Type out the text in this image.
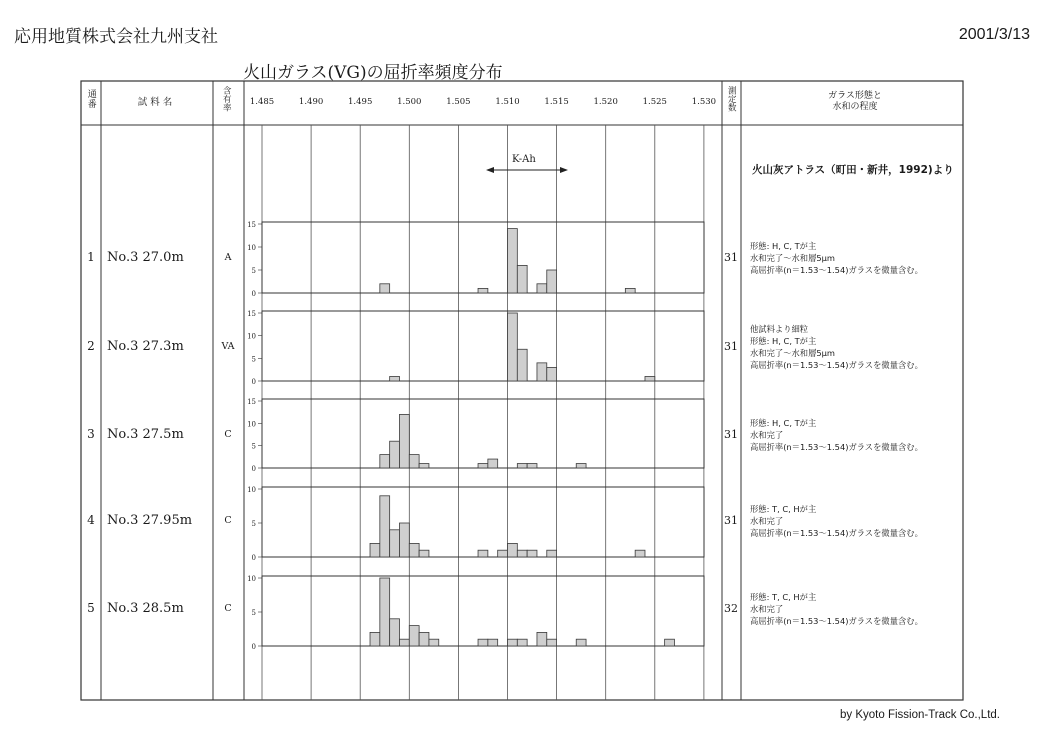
応用地質株式会社九州支社	2001/3/13
火山ガラス(VG)の屈折率頻度分布
0
5
10
15
0
5
10
15
0
5
10
15
0
5
10
0
5
10
通番	試 料 名	含有率	測定数	ガラス形態と
水和の程度
1.485	1.490	1.495	1.500	1.505	1.510	1.515	1.520	1.525	1.530
火山灰アトラス（町田・新井，1992)より
K-Ah
1 No.3 27.0m	A	31
形態: H, C, Tが主
水和完了～水和層5μm
高屈折率(n＝1.53～1.54)ガラスを微量含む。
2 No.3 27.3m	VA	31
他試料より細粒
形態: H, C, Tが主
水和完了～水和層5μm
高屈折率(n＝1.53～1.54)ガラスを微量含む。
3 No.3 27.5m	C	31
形態: H, C, Tが主
水和完了
高屈折率(n＝1.53～1.54)ガラスを微量含む。
4 No.3 27.95m	C	31
形態: T, C, Hが主
水和完了
高屈折率(n＝1.53～1.54)ガラスを微量含む。
5 No.3 28.5m	C	32
形態: T, C, Hが主
水和完了
高屈折率(n＝1.53～1.54)ガラスを微量含む。
by Kyoto Fission-Track Co.,Ltd.
